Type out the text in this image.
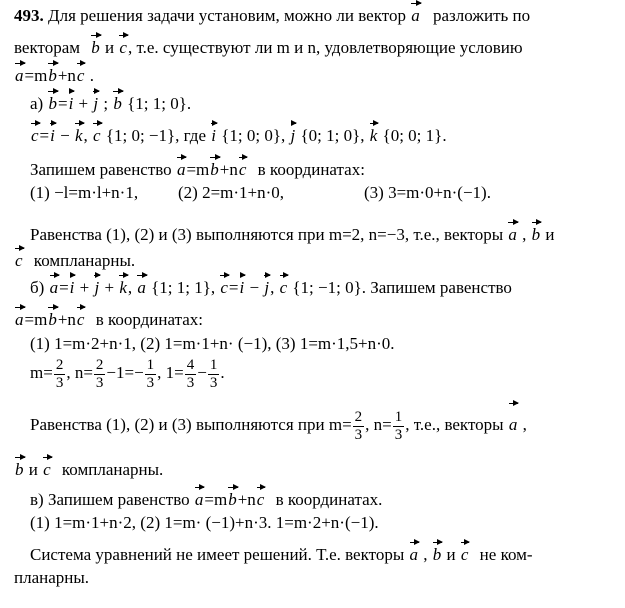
493. Для решения задачи установим, можно ли вектор a разложить по
векторам b и c, т.е. существуют ли m и n, удовлетворяющие условию
a=mb+nc .
а) b=i + j ; b {1; 1; 0}.
c=i − k, c {1; 0; −1}, где i {1; 0; 0}, j {0; 1; 0}, k {0; 0; 1}.
Запишем равенство a=mb+nc в координатах:
(1) −l=m·l+n·1, (2) 2=m·1+n·0,	(3) 3=m·0+n·(−1).
Равенства (1), (2) и (3) выполняются при m=2, n=−3, т.е., векторы a , b и
c компланарны.
б) a=i + j + k, a {1; 1; 1}, c=i − j, c {1; −1; 0}. Запишем равенство
a=mb+nc в координатах:
(1) 1=m·2+n·1, (2) 1=m·1+n· (−1), (3) 1=m·1,5+n·0.
$m= \frac{2}{3}$ , $n= \frac{2}{3} -1=- \frac{1}{3}$ , $1= \frac{4}{3} - \frac{1}{3}$ .
Равенства (1), (2) и (3) выполняются при $m= \frac{2}{3}$ , $n= \frac{1}{3}$ , т.е., векторы a ,
b и c компланарны.
в) Запишем равенство a=mb+nc в координатах.
(1) 1=m·1+n·2, (2) 1=m· (−1)+n·3. 1=m·2+n·(−1).
Система уравнений не имеет решений. Т.е. векторы a , b и c не ком-
планарны.
